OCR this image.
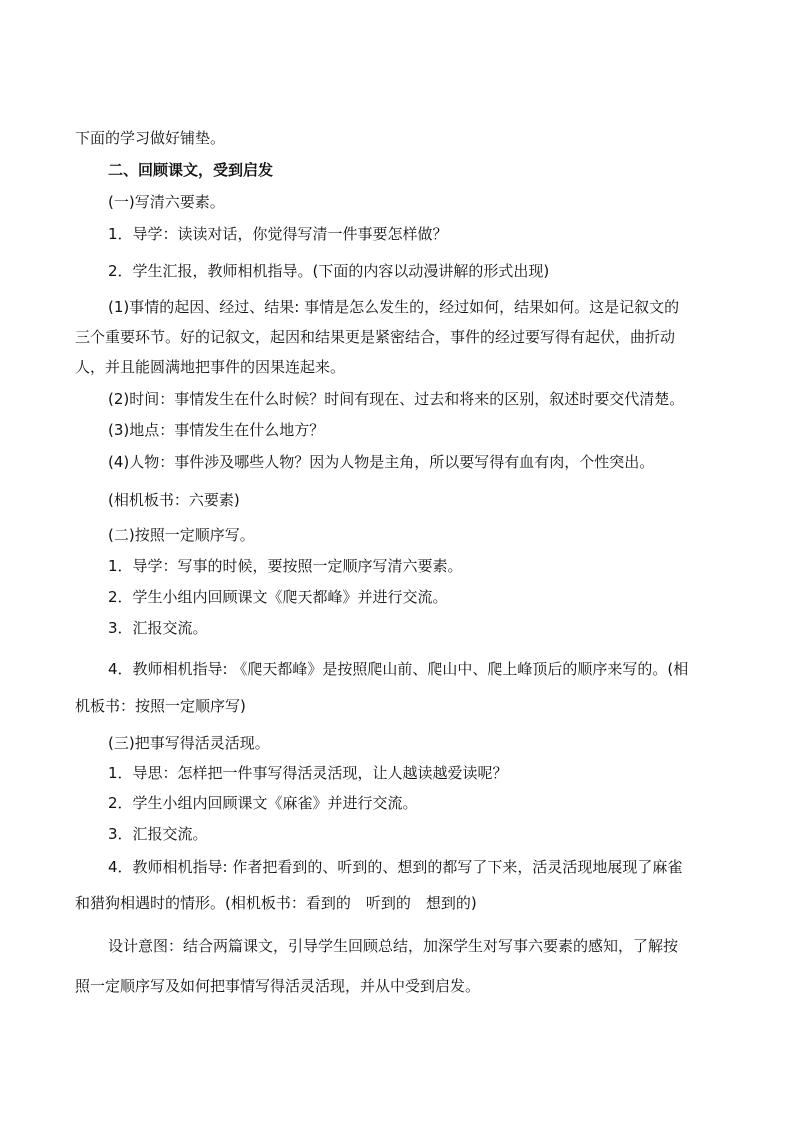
下面的学习做好铺垫。
二、回顾课文，受到启发
(一)写清六要素。
1．导学：读读对话，你觉得写清一件事要怎样做？
2．学生汇报，教师相机指导。(下面的内容以动漫讲解的形式出现)
(1)事情的起因、经过、结果: 事情是怎么发生的，经过如何，结果如何。这是记叙文的
三个重要环节。好的记叙文，起因和结果更是紧密结合，事件的经过要写得有起伏，曲折动
人，并且能圆满地把事件的因果连起来。
(2)时间：事情发生在什么时候？时间有现在、过去和将来的区别，叙述时要交代清楚。
(3)地点：事情发生在什么地方？
(4)人物：事件涉及哪些人物？因为人物是主角，所以要写得有血有肉，个性突出。
(相机板书：六要素)
(二)按照一定顺序写。
1．导学：写事的时候，要按照一定顺序写清六要素。
2．学生小组内回顾课文《爬天都峰》并进行交流。
3．汇报交流。
4．教师相机指导: 《爬天都峰》是按照爬山前、爬山中、爬上峰顶后的顺序来写的。(相
机板书：按照一定顺序写)
(三)把事写得活灵活现。
1．导思：怎样把一件事写得活灵活现，让人越读越爱读呢？
2．学生小组内回顾课文《麻雀》并进行交流。
3．汇报交流。
4．教师相机指导: 作者把看到的、听到的、想到的都写了下来，活灵活现地展现了麻雀
和猎狗相遇时的情形。(相机板书：看到的　听到的　想到的)
设计意图：结合两篇课文，引导学生回顾总结，加深学生对写事六要素的感知，了解按
照一定顺序写及如何把事情写得活灵活现，并从中受到启发。
